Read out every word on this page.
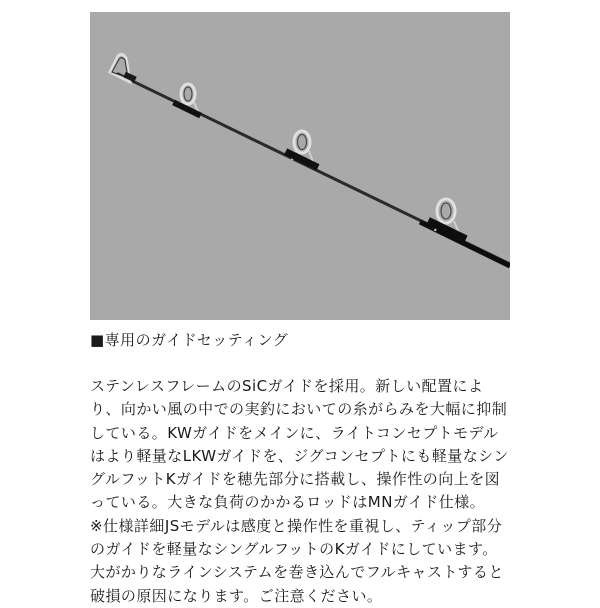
■専用のガイドセッティング
ステンレスフレームのSiCガイドを採用。新しい配置によ
り、向かい風の中での実釣においての糸がらみを大幅に抑制
している。KWガイドをメインに、ライトコンセプトモデル
はより軽量なLKWガイドを、ジグコンセプトにも軽量なシン
グルフットKガイドを穂先部分に搭載し、操作性の向上を図
っている。大きな負荷のかかるロッドはMNガイド仕様。
※仕様詳細JSモデルは感度と操作性を重視し、ティップ部分
のガイドを軽量なシングルフットのKガイドにしています。
大がかりなラインシステムを巻き込んでフルキャストすると
破損の原因になります。ご注意ください。
